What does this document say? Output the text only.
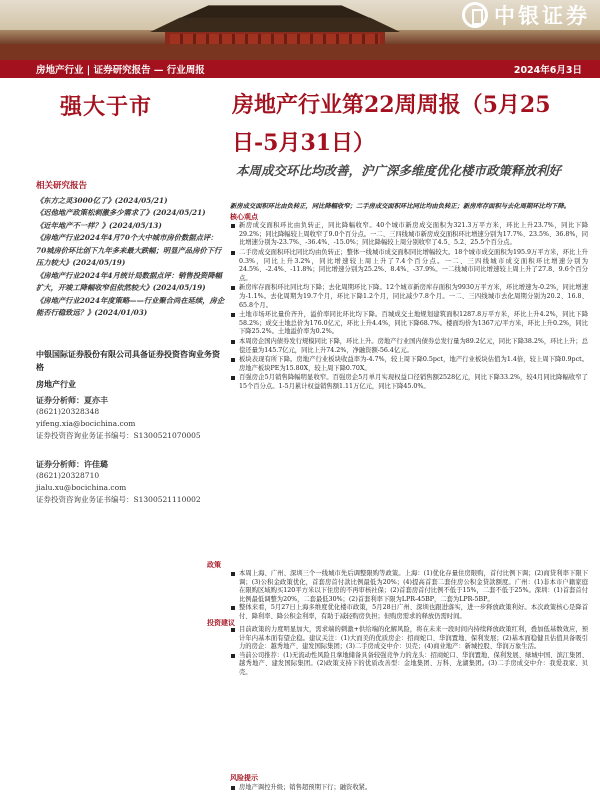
中银证券
房地产行业 | 证券研究报告 — 行业周报	2024年6月3日
强大于市	房地产行业第22周周报（5月25日-5月31日）
本周成交环比均改善，沪广深多维度优化楼市政策释放利好
相关研究报告
《东方之灵3000亿了》(2024/05/21)
《迟他地产政策松刺激多少需求了》(2024/05/21)
《近年地产不一样？》(2024/05/13)
《房地产行业2024年4月70个大中城市房价数据点评：70城房价环比创下九年多来最大跌幅；明显产品房价下行压力较大》(2024/05/19)
《房地产行业2024年4月统计局数据点评：销售投资降幅扩大，开竣工降幅收窄但依然较大》(2024/05/19)
《房地产行业2024年度策略——行业聚合尚在延续，房企能否行稳致远？》(2024/01/03)
中银国际证券股份有限公司具备证券投资咨询业务资格
房地产行业
证券分析师：夏亦丰
(8621)20328348
yifeng.xia@bocichina.com
证券投资咨询业务证书编号：S1300521070005
证券分析师：许佳璐
(8621)20328710
jialu.xu@bocichina.com
证券投资咨询业务证书编号：S1300521110002
新房成交面积环比由负转正，同比降幅收窄；二手房成交面积环比同比均由负转正；新房库存面积与去化周期环比均下降。
核心观点
新房成交面积环比由负转正，同比降幅收窄。40个城市新房成交面积为321.3万平方米，环比上升23.7%，同比下降29.2%；同比降幅较上周收窄了9.0个百分点。一二、三四线城市新房成交面积环比增速分别为17.7%、23.5%、36.8%，同比增速分别为-23.7%、-36.4%、-15.0%；同比降幅较上周分别收窄了4.5、5.2、25.5个百分点。
二手房成交面积环比同比均由负转正；整体一线城市成交面积同比增幅较大。18个城市成交面积为195.9万平方米，环比上升0.3%，同比上升3.2%，同比增速较上周上升了7.4个百分点。一二、三四线城市成交面积环比增速分别为24.5%、-2.4%、-11.8%；同比增速分别为25.2%、8.4%、-37.9%。一二线城市同比增速较上周上升了27.8、9.6个百分点。
新房库存面积环比同比均下降；去化周期环比下降。12个城市新房库存面积为9930万平方米，环比增速为-0.2%，同比增速为-1.1%。去化周期为19.7个月，环比下降1.2个月，同比减少7.8个月。一二、三四线城市去化周期分别为20.2、16.8、65.8个月。
土地市场环比量价齐升，溢价率同比环比均下降。百城成交土地规划建筑面积1287.8万平方米，环比上升4.2%，同比下降58.2%；成交土地总价为176.0亿元，环比上升4.4%，同比下降68.7%。楼面均价为1367元/平方米，环比上升0.2%，同比下降25.2%。土地溢价率为0.2%。
本周房企国内债券发行规模同比下降，环比上升。房地产行业国内债券总发行量为89.2亿元，同比下降38.2%，环比上升；总偿还量为145.7亿元，同比上升74.2%，净融资额-56.4亿元。
板块表现有所下降。房地产行业板块收益率为-4.7%，较上周下降0.5pct，地产行业板块估值为1.4倍，较上周下降0.9pct。房地产板块PE为15.80X，较上周下降0.70X。
百强房企5月销售降幅明显收窄。百强房企5月单月实现权益口径销售额2528亿元，同比下降33.2%，较4月同比降幅收窄了15个百分点。1-5月累计权益销售额1.11万亿元，同比下降45.0%。
政策
本周上海、广州、深圳三个一线城市先后调整限购等政策。上海：(1)优化存量住房限购，首付比例下调；(2)商贷利率下限下调；(3)公积金政策优化，首套房首付款比例最低为20%；(4)提高首套二套住房公积金贷款额度。广州：(1)非本市户籍家庭在限购区域购买120平方米以下住房的不再审核社保；(2)首套房首付比例不低于15%，二套不低于25%。深圳：(1)首套首付比例最低调整为20%，二套最低30%；(2)首套利率下限为LPR-45BP，二套为LPR-5BP。
整体来看，5月27日上海多维度优化楼市政策，5月28日广州、深圳也跟进落实，进一步释放政策利好。本次政策核心是降首付、降利率、降公积金利率，有助于减轻购房负担；但购房需求的释放仍需时间。
投资建议
目前政策的力度明显加大，需求端的刺激+供给端的化解风险，将在未来一段时间内持续释放政策红利，叠加低基数效应，预计年内基本面有望企稳。建议关注：(1)大而美的优质房企：招商蛇口、华润置地、保利发展；(2)基本面稳健且估值具备吸引力的房企：越秀地产、建发国际集团；(3)二手房成交中介：贝壳；(4)商业地产：新城控股、华润万象生活。
当前公司推荐：(1)无流动性风险且拿地储备具备较强竞争力的龙头：招商蛇口、华润置地、保利发展、绿城中国、滨江集团、越秀地产、建发国际集团。(2)政策支持下的优质改善型：金地集团、万科、龙湖集团。(3)二手房成交中介：我爱我家、贝壳。
风险提示
房地产调控升级；销售超预期下行；融资收紧。
